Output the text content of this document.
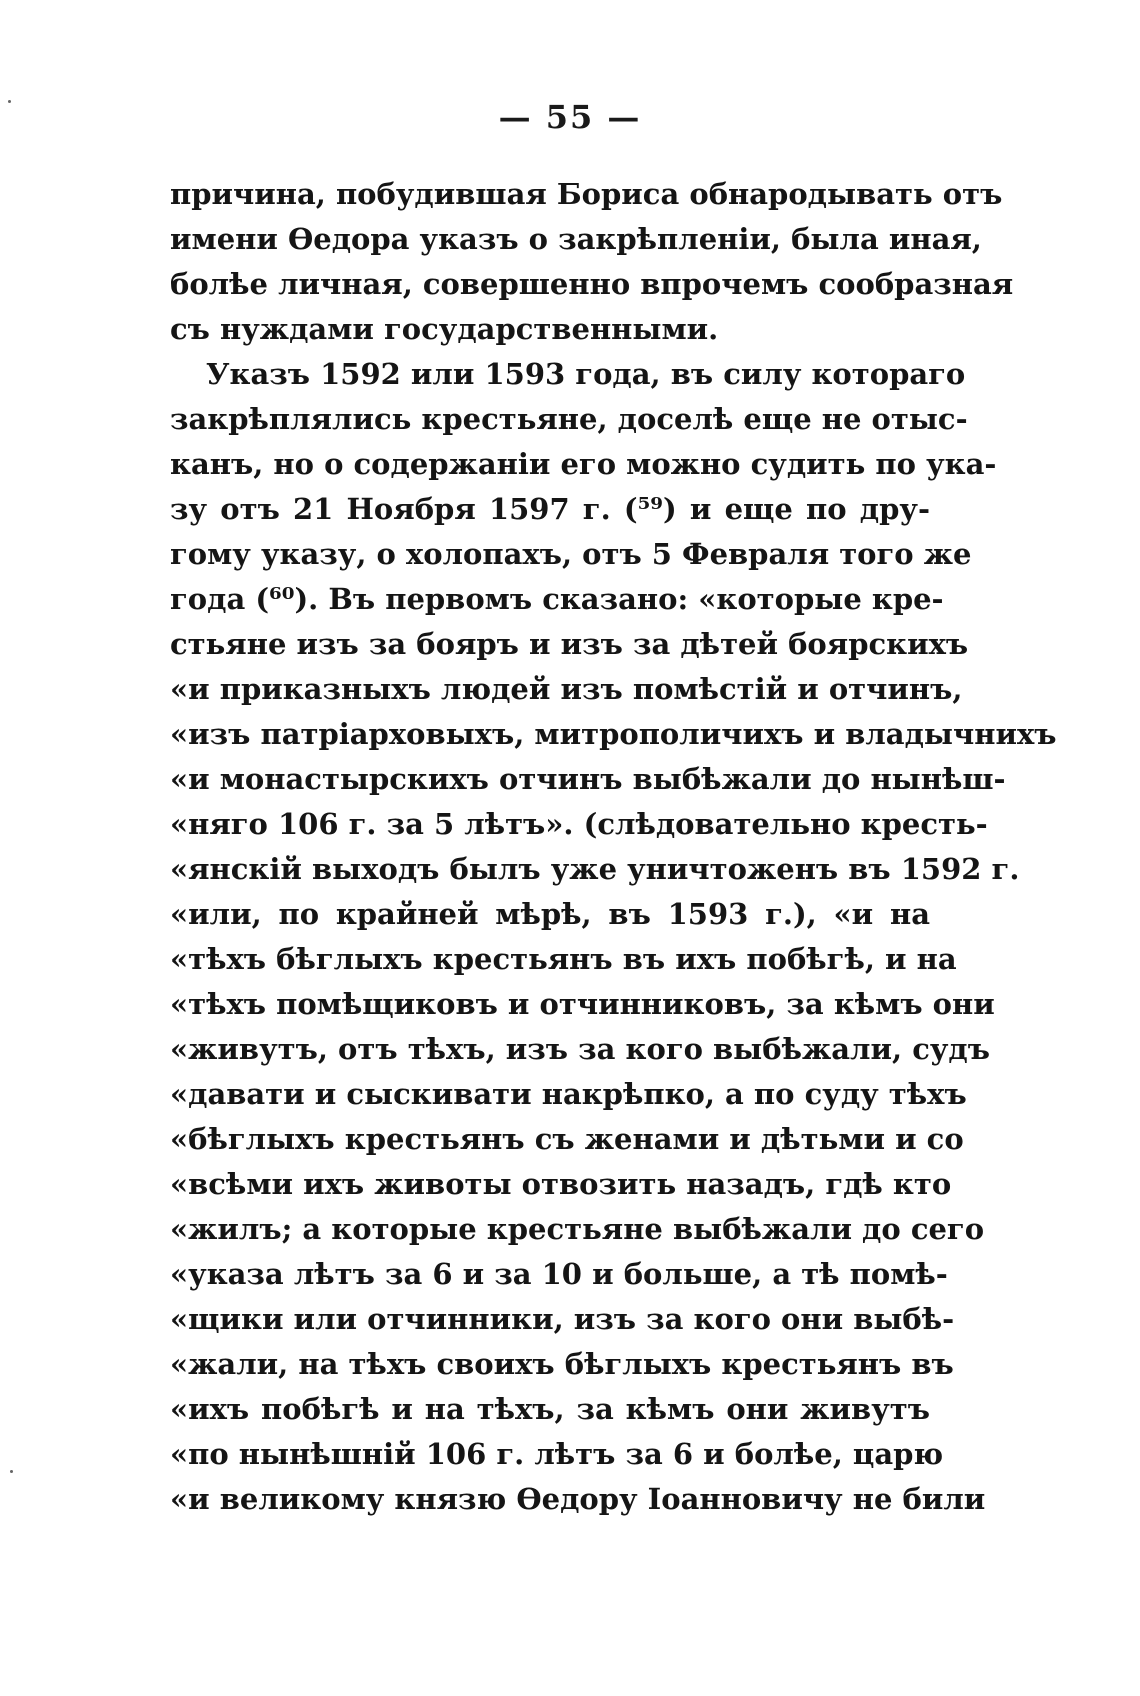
— 55 —
причина, побудившая Бориса обнародывать отъ
имени Өедора указъ о закрѣпленіи, была иная,
болѣе личная, совершенно впрочемъ сообразная
съ нуждами государственными.
Указъ 1592 или 1593 года, въ силу котораго
закрѣплялись крестьяне, доселѣ еще не отыс-
канъ, но о содержаніи его можно судить по ука-
зу отъ 21 Ноября 1597 г. (⁵⁹) и еще по дру-
гому указу, о холопахъ, отъ 5 Февраля того же
года (⁶⁰). Въ первомъ сказано: «которые кре-
стьяне изъ за бояръ и изъ за дѣтей боярскихъ
«и приказныхъ людей изъ помѣстій и отчинъ,
«изъ патріарховыхъ, митрополичихъ и владычнихъ
«и монастырскихъ отчинъ выбѣжали до нынѣш-
«няго 106 г. за 5 лѣтъ». (слѣдовательно кресть-
«янскій выходъ былъ уже уничтоженъ въ 1592 г.
«или, по крайней мѣрѣ, въ 1593 г.), «и на
«тѣхъ бѣглыхъ крестьянъ въ ихъ побѣгѣ, и на
«тѣхъ помѣщиковъ и отчинниковъ, за кѣмъ они
«живутъ, отъ тѣхъ, изъ за кого выбѣжали, судъ
«давати и сыскивати накрѣпко, а по суду тѣхъ
«бѣглыхъ крестьянъ съ женами и дѣтьми и со
«всѣми ихъ животы отвозить назадъ, гдѣ кто
«жилъ; а которые крестьяне выбѣжали до сего
«указа лѣтъ за 6 и за 10 и больше, а тѣ помѣ-
«щики или отчинники, изъ за кого они выбѣ-
«жали, на тѣхъ своихъ бѣглыхъ крестьянъ въ
«ихъ побѣгѣ и на тѣхъ, за кѣмъ они живутъ
«по нынѣшній 106 г. лѣтъ за 6 и болѣе, царю
«и великому князю Өедору Іоанновичу не били
